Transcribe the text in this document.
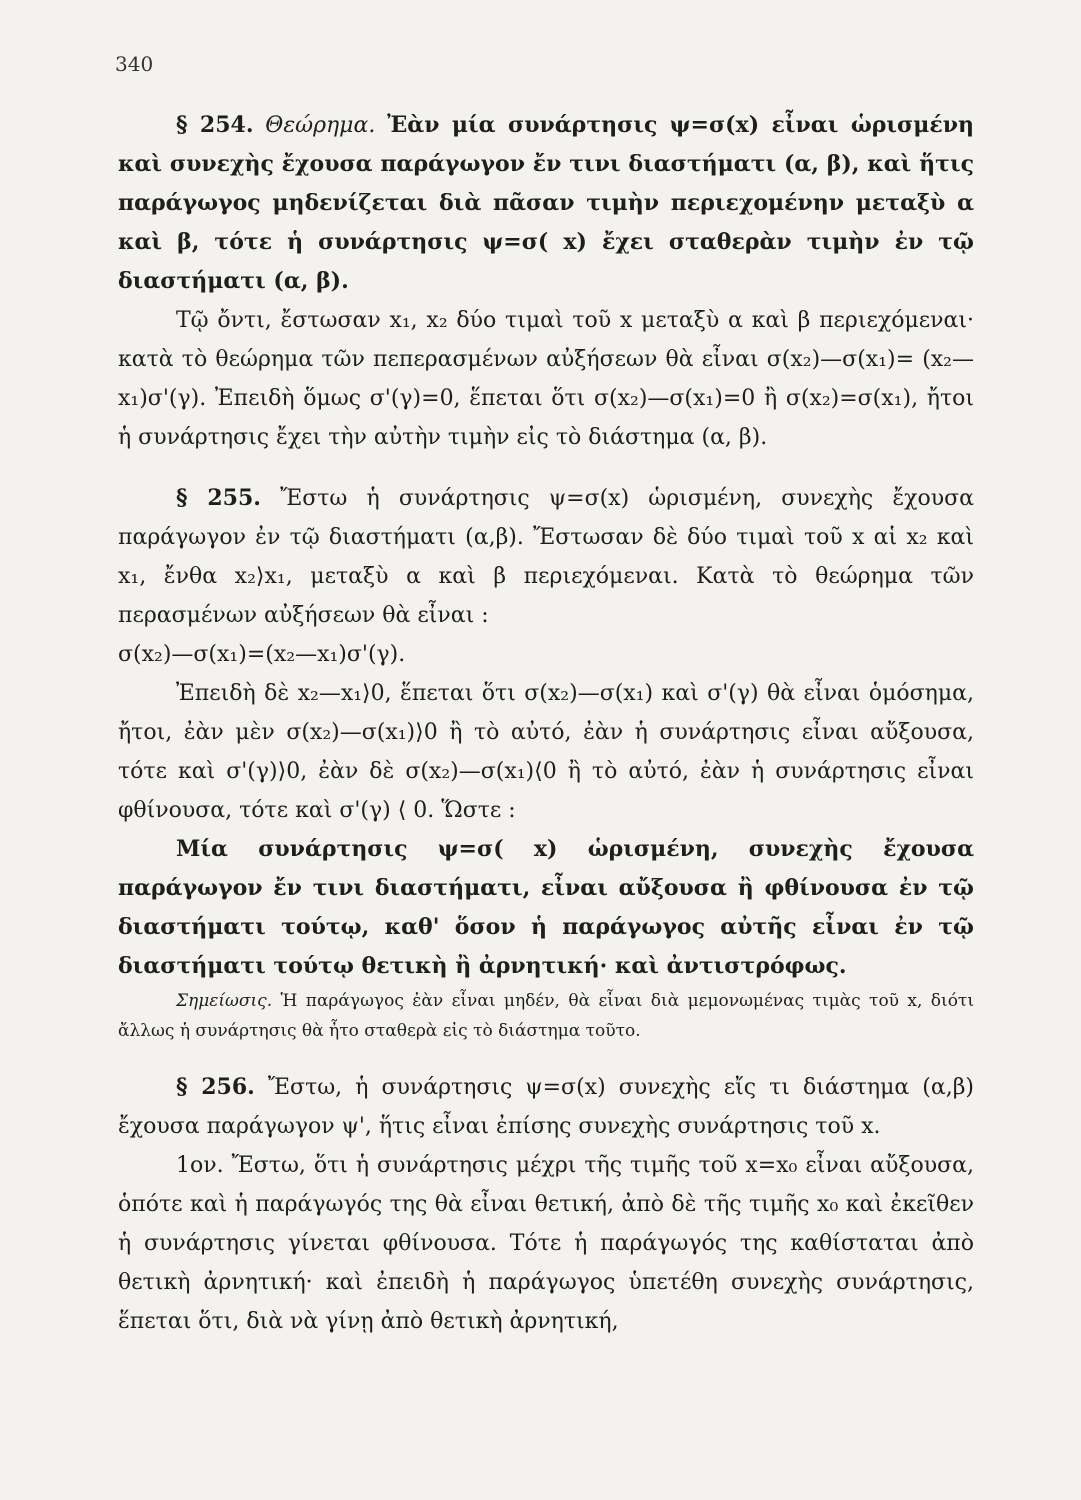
340

§ 254. Θεώρημα. Ἐὰν μία συνάρτησις ψ=σ(x) εἶναι ὡρισμένη καὶ συνεχὴς ἔχουσα παράγωγον ἔν τινι διαστήματι (α, β), καὶ ἥτις παράγωγος μηδενίζεται διὰ πᾶσαν τιμὴν περιεχομένην μεταξὺ α καὶ β, τότε ἡ συνάρτησις ψ=σ( x) ἔχει σταθερὰν τιμὴν ἐν τῷ διαστήματι (α, β).

Τῷ ὄντι, ἔστωσαν x₁, x₂ δύο τιμαὶ τοῦ x μεταξὺ α καὶ β περιεχόμεναι· κατὰ τὸ θεώρημα τῶν πεπερασμένων αὐξήσεων θὰ εἶναι σ(x₂)—σ(x₁)= (x₂—x₁)σ'(γ). Ἐπειδὴ ὅμως σ'(γ)=0, ἕπεται ὅτι σ(x₂)—σ(x₁)=0 ἢ σ(x₂)=σ(x₁), ἤτοι ἡ συνάρτησις ἔχει τὴν αὐτὴν τιμὴν εἰς τὸ διάστημα (α, β).

§ 255. Ἔστω ἡ συνάρτησις ψ=σ(x) ὡρισμένη, συνεχὴς ἔχουσα παράγωγον ἐν τῷ διαστήματι (α,β). Ἔστωσαν δὲ δύο τιμαὶ τοῦ x αἱ x₂ καὶ x₁, ἔνθα x₂⟩x₁, μεταξὺ α καὶ β περιεχόμεναι. Κατὰ τὸ θεώρημα τῶν περασμένων αὐξήσεων θὰ εἶναι :

σ(x₂)—σ(x₁)=(x₂—x₁)σ'(γ).

Ἐπειδὴ δὲ x₂—x₁⟩0, ἕπεται ὅτι σ(x₂)—σ(x₁) καὶ σ'(γ) θὰ εἶναι ὁμόσημα, ἤτοι, ἐὰν μὲν σ(x₂)—σ(x₁)⟩0 ἢ τὸ αὐτό, ἐὰν ἡ συνάρτησις εἶναι αὔξουσα, τότε καὶ σ'(γ)⟩0, ἐὰν δὲ σ(x₂)—σ(x₁)⟨0 ἢ τὸ αὐτό, ἐὰν ἡ συνάρτησις εἶναι φθίνουσα, τότε καὶ σ'(γ) ⟨ 0. Ὥστε :

Μία συνάρτησις ψ=σ( x) ὡρισμένη, συνεχὴς ἔχουσα παράγωγον ἔν τινι διαστήματι, εἶναι αὔξουσα ἢ φθίνουσα ἐν τῷ διαστήματι τούτῳ, καθ' ὅσον ἡ παράγωγος αὐτῆς εἶναι ἐν τῷ διαστήματι τούτῳ θετικὴ ἢ ἀρνητική· καὶ ἀντιστρόφως.

Σημείωσις. Ἡ παράγωγος ἐὰν εἶναι μηδέν, θὰ εἶναι διὰ μεμονωμένας τιμὰς τοῦ x, διότι ἄλλως ἡ συνάρτησις θὰ ἦτο σταθερὰ εἰς τὸ διάστημα τοῦτο.

§ 256. Ἔστω, ἡ συνάρτησις ψ=σ(x) συνεχὴς εἴς τι διάστημα (α,β) ἔχουσα παράγωγον ψ', ἥτις εἶναι ἐπίσης συνεχὴς συνάρτησις τοῦ x.

1ον. Ἔστω, ὅτι ἡ συνάρτησις μέχρι τῆς τιμῆς τοῦ x=x₀ εἶναι αὔξουσα, ὁπότε καὶ ἡ παράγωγός της θὰ εἶναι θετική, ἀπὸ δὲ τῆς τιμῆς x₀ καὶ ἐκεῖθεν ἡ συνάρτησις γίνεται φθίνουσα. Τότε ἡ παράγωγός της καθίσταται ἀπὸ θετικὴ ἀρνητική· καὶ ἐπειδὴ ἡ παράγωγος ὑπετέθη συνεχὴς συνάρτησις, ἕπεται ὅτι, διὰ νὰ γίνῃ ἀπὸ θετικὴ ἀρνητική,
